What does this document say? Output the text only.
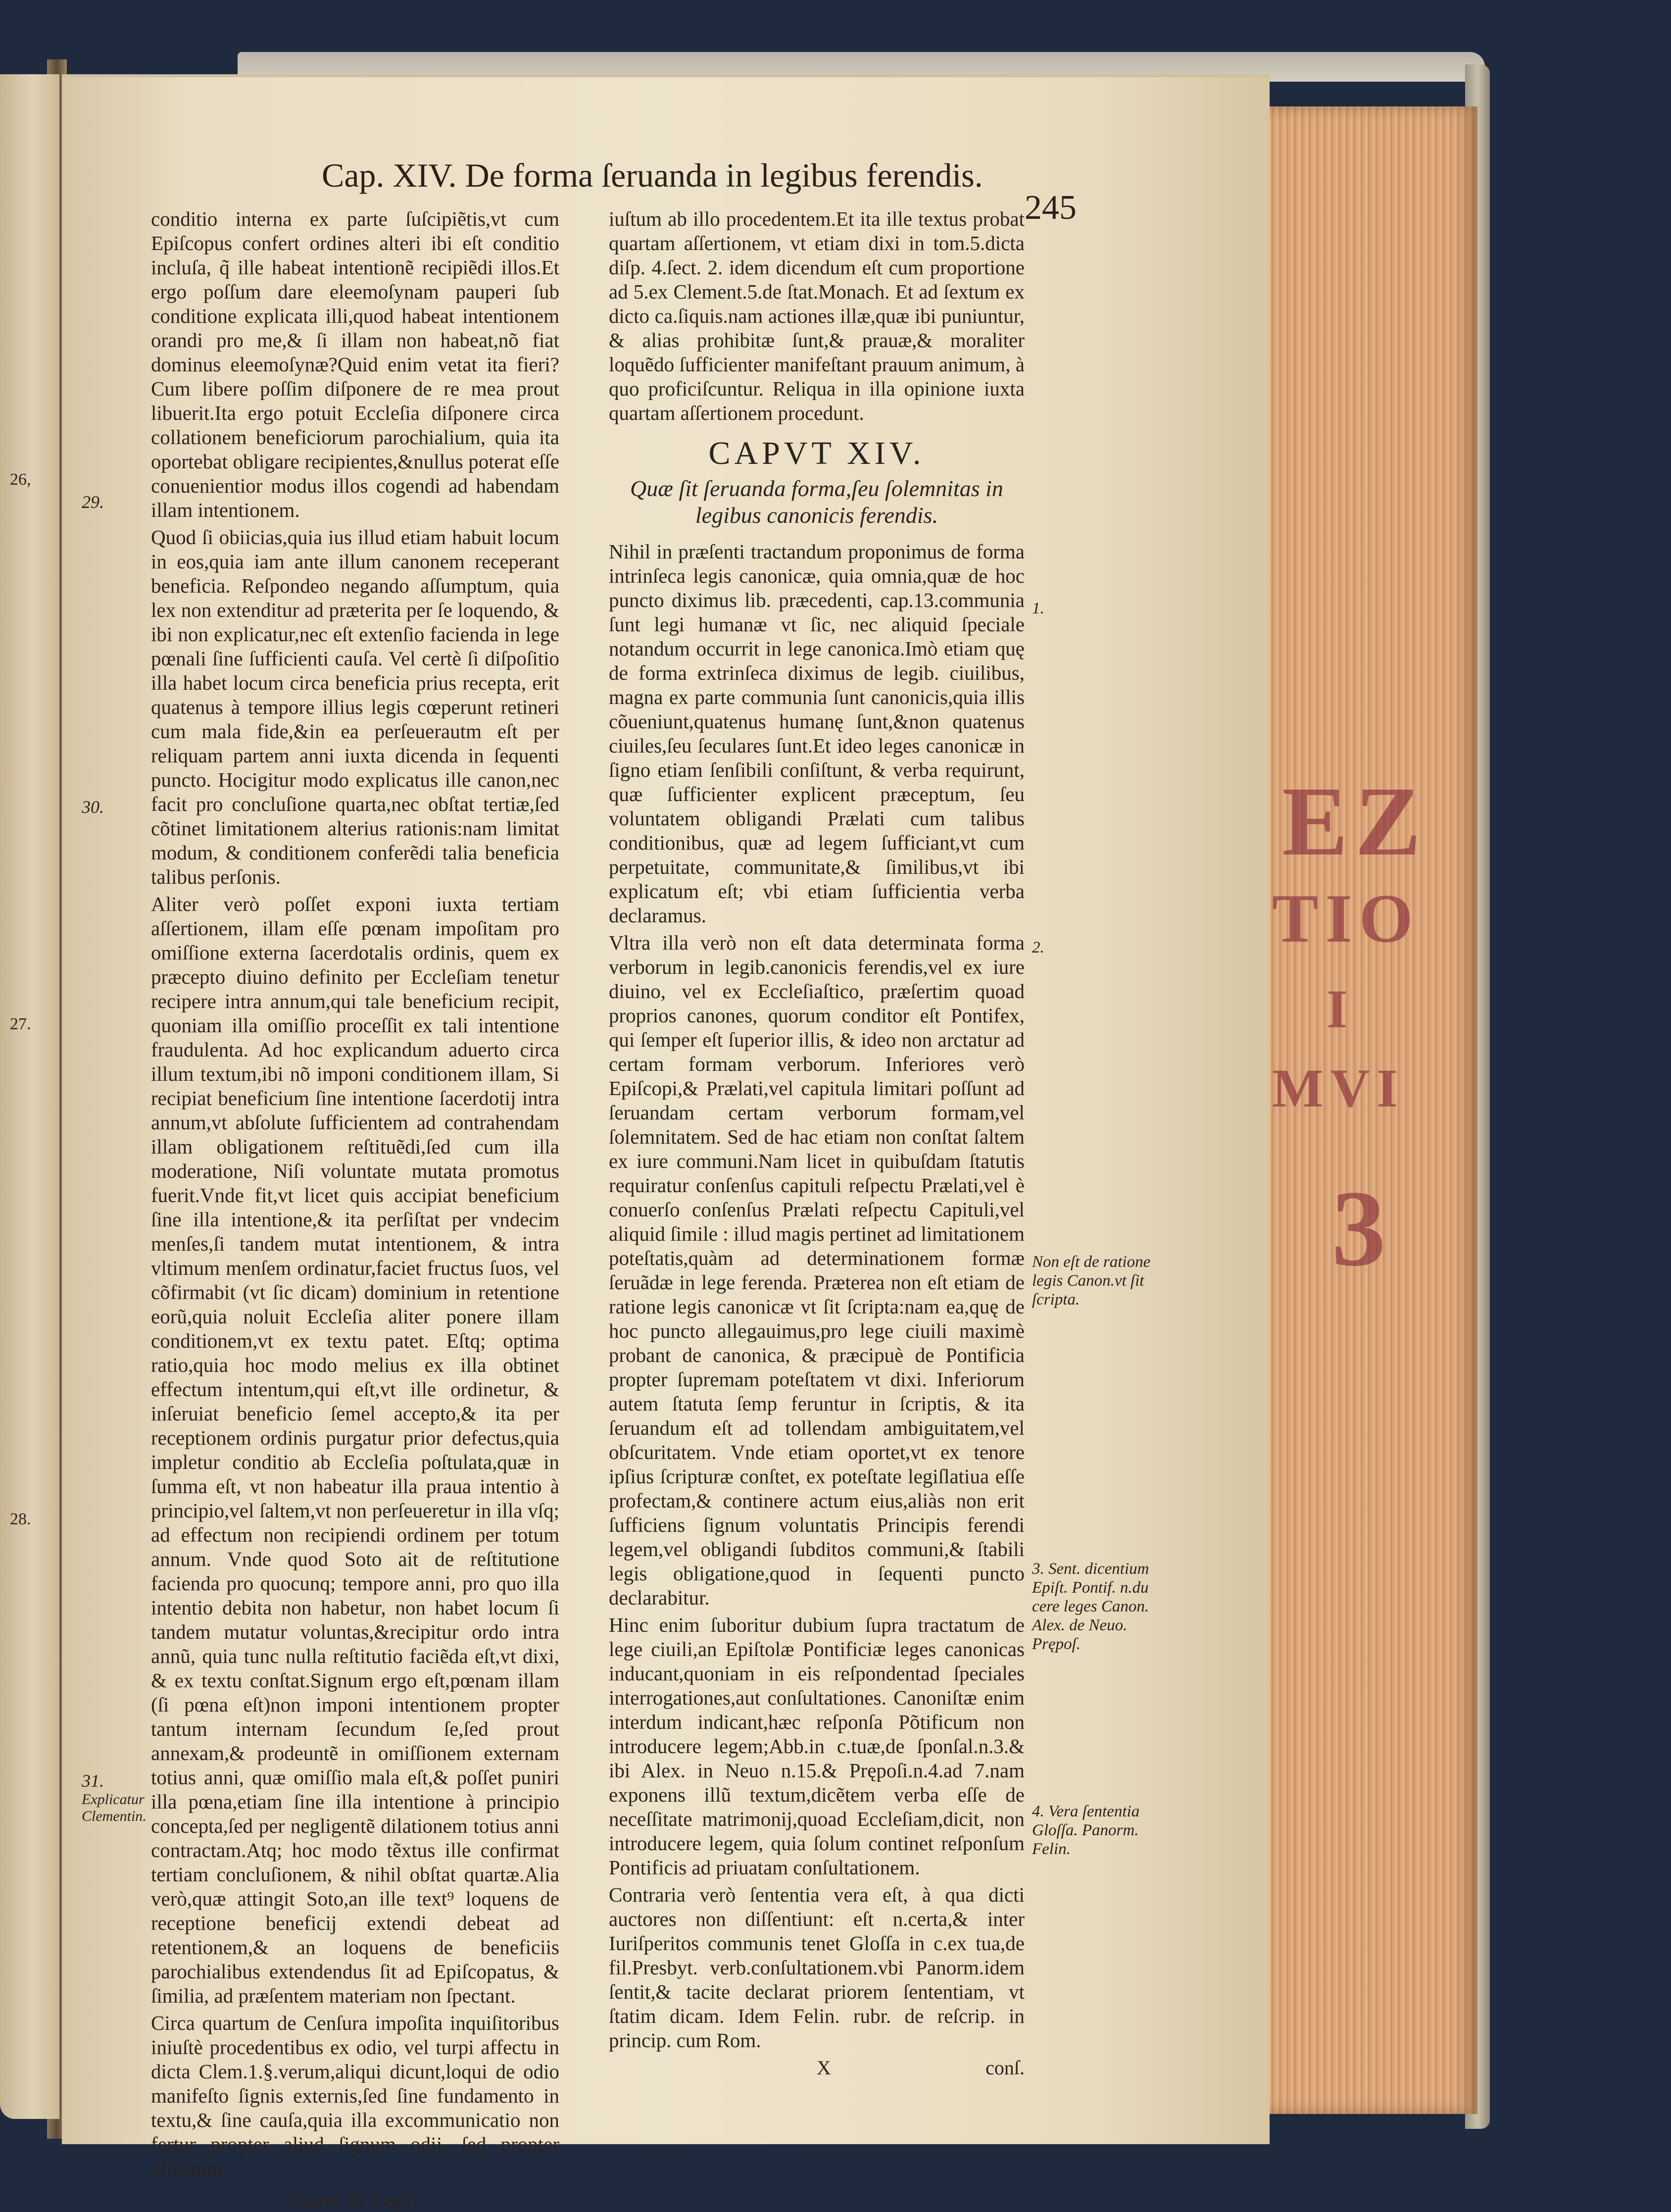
26,
27.
28.
EZ
TIO
I
MVI
3
Cap. XIV. De forma ſeruanda in legibus ferendis.
245

conditio interna ex parte ſuſcipiẽtis,vt cum Epiſcopus confert ordines alteri ibi eſt conditio incluſa, q̃ ille habeat intentionẽ recipiẽdi illos.Et ergo poſſum dare eleemoſynam pauperi ſub conditione explicata illi,quod habeat intentionem orandi pro me,& ſi illam non habeat,nõ fiat dominus eleemoſynæ?Quid enim vetat ita fieri?Cum libere poſſim diſponere de re mea prout libuerit.Ita ergo potuit Eccleſia diſponere circa collationem beneficiorum parochialium, quia ita oportebat obligare recipientes,&nullus poterat eſſe conuenientior modus illos cogendi ad habendam illam intentionem.

29.

Quod ſi obiicias,quia ius illud etiam habuit locum in eos,quia iam ante illum canonem receperant beneficia. Reſpondeo negando aſſumptum, quia lex non extenditur ad præterita per ſe loquendo, & ibi non explicatur,nec eſt extenſio facienda in lege pœnali ſine ſufficienti cauſa. Vel certè ſi diſpoſitio illa habet locum circa beneficia prius recepta, erit quatenus à tempore illius legis cœperunt retineri cum mala fide,&in ea perſeuerautm eſt per reliquam partem anni iuxta dicenda in ſequenti puncto. Hocigitur modo explicatus ille canon,nec facit pro concluſione quarta,nec obſtat tertiæ,ſed cõtinet limitationem alterius rationis:nam limitat modum, & conditionem conferẽdi talia beneficia talibus perſonis.

30.

Aliter verò poſſet exponi iuxta tertiam aſſertionem, illam eſſe pœnam impoſitam pro omiſſione externa ſacerdotalis ordinis, quem ex præcepto diuino definito per Eccleſiam tenetur recipere intra annum,qui tale beneficium recipit, quoniam illa omiſſio proceſſit ex tali intentione fraudulenta. Ad hoc explicandum aduerto circa illum textum,ibi nõ imponi conditionem illam, Si recipiat beneficium ſine intentione ſacerdotij intra annum,vt abſolute ſufficientem ad contrahendam illam obligationem reſtituẽdi,ſed cum illa moderatione, Niſi voluntate mutata promotus fuerit.Vnde fit,vt licet quis accipiat beneficium ſine illa intentione,& ita perſiſtat per vndecim menſes,ſi tandem mutat intentionem, & intra vltimum menſem ordinatur,faciet fructus ſuos, vel cõfirmabit (vt ſic dicam) dominium in retentione eorũ,quia noluit Eccleſia aliter ponere illam conditionem,vt ex textu patet. Eſtq; optima ratio,quia hoc modo melius ex illa obtinet effectum intentum,qui eſt,vt ille ordinetur, & inſeruiat beneficio ſemel accepto,& ita per receptionem ordinis purgatur prior defectus,quia impletur conditio ab Eccleſia poſtulata,quæ in ſumma eſt, vt non habeatur illa praua intentio à principio,vel ſaltem,vt non perſeueretur in illa vſq; ad effectum non recipiendi ordinem per totum annum. Vnde quod Soto ait de reſtitutione facienda pro quocunq; tempore anni, pro quo illa intentio debita non habetur, non habet locum ſi tandem mutatur voluntas,&recipitur ordo intra annũ, quia tunc nulla reſtitutio faciẽda eſt,vt dixi, & ex textu conſtat.Signum ergo eſt,pœnam illam (ſi pœna eſt)non imponi intentionem propter tantum internam ſecundum ſe,ſed prout annexam,& prodeuntẽ in omiſſionem externam totius anni, quæ omiſſio mala eſt,& poſſet puniri illa pœna,etiam ſine illa intentione à principio concepta,ſed per negligentẽ dilationem totius anni contractam.Atq; hoc modo tẽxtus ille confirmat tertiam concluſionem, & nihil obſtat quartæ.Alia verò,quæ attingit Soto,an ille text⁹ loquens de receptione beneficij extendi debeat ad retentionem,& an loquens de beneficiis parochialibus extendendus ſit ad Epiſcopatus, & ſimilia, ad præſentem materiam non ſpectant.

31.
Explicatur Clementin.

Circa quartum de Cenſura impoſita inquiſitoribus iniuſtè procedentibus ex odio, vel turpi affectu in dicta Clem.1.§.verum,aliqui dicunt,loqui de odio manifeſto ſignis externis,ſed ſine fundamento in textu,& ſine cauſa,quia illa excommunicatio non fertur propter aliud ſignum odij, ſed propter effectum

Suarez de Legib.

iuſtum ab illo procedentem.Et ita ille textus probat quartam aſſertionem, vt etiam dixi in tom.5.dicta diſp. 4.ſect. 2. idem dicendum eſt cum proportione ad 5.ex Clement.5.de ſtat.Monach. Et ad ſextum ex dicto ca.ſiquis.nam actiones illæ,quæ ibi puniuntur, & alias prohibitæ ſunt,& prauæ,& moraliter loquẽdo ſufficienter manifeſtant prauum animum, à quo proficiſcuntur. Reliqua in illa opinione iuxta quartam aſſertionem procedunt.

CAPVT XIV.
Quæ ſit ſeruanda forma,ſeu ſolemnitas in legibus canonicis ferendis.

Nihil in præſenti tractandum proponimus de forma intrinſeca legis canonicæ, quia omnia,quæ de hoc puncto diximus lib. præcedenti, cap.13.communia ſunt legi humanæ vt ſic, nec aliquid ſpeciale notandum occurrit in lege canonica.Imò etiam quę de forma extrinſeca diximus de legib. ciuilibus, magna ex parte communia ſunt canonicis,quia illis cõueniunt,quatenus humanę ſunt,&non quatenus ciuiles,ſeu ſeculares ſunt.Et ideo leges canonicæ in ſigno etiam ſenſibili conſiſtunt, & verba requirunt, quæ ſufficienter explicent præceptum, ſeu voluntatem obligandi Prælati cum talibus conditionibus, quæ ad legem ſufficiant,vt cum perpetuitate, communitate,& ſimilibus,vt ibi explicatum eſt; vbi etiam ſufficientia verba declaramus.

Vltra illa verò non eſt data determinata forma verborum in legib.canonicis ferendis,vel ex iure diuino, vel ex Eccleſiaſtico, præſertim quoad proprios canones, quorum conditor eſt Pontifex, qui ſemper eſt ſuperior illis, & ideo non arctatur ad certam formam verborum. Inferiores verò Epiſcopi,& Prælati,vel capitula limitari poſſunt ad ſeruandam certam verborum formam,vel ſolemnitatem. Sed de hac etiam non conſtat ſaltem ex iure communi.Nam licet in quibuſdam ſtatutis requiratur conſenſus capituli reſpectu Prælati,vel è conuerſo conſenſus Prælati reſpectu Capituli,vel aliquid ſimile : illud magis pertinet ad limitationem poteſtatis,quàm ad determinationem formæ ſeruãdæ in lege ferenda. Præterea non eſt etiam de ratione legis canonicæ vt ſit ſcripta:nam ea,quę de hoc puncto allegauimus,pro lege ciuili maximè probant de canonica, & præcipuè de Pontificia propter ſupremam poteſtatem vt dixi. Inferiorum autem ſtatuta ſemp feruntur in ſcriptis, & ita ſeruandum eſt ad tollendam ambiguitatem,vel obſcuritatem. Vnde etiam oportet,vt ex tenore ipſius ſcripturæ conſtet, ex poteſtate legiſlatiua eſſe profectam,& continere actum eius,aliàs non erit ſufficiens ſignum voluntatis Principis ferendi legem,vel obligandi ſubditos communi,& ſtabili legis obligatione,quod in ſequenti puncto declarabitur.

Hinc enim ſuboritur dubium ſupra tractatum de lege ciuili,an Epiſtolæ Pontificiæ leges canonicas inducant,quoniam in eis reſpondentad ſpeciales interrogationes,aut conſultationes. Canoniſtæ enim interdum indicant,hæc reſponſa Põtificum non introducere legem;Abb.in c.tuæ,de ſponſal.n.3.& ibi Alex. in Neuo n.15.& Prępoſi.n.4.ad 7.nam exponens illũ textum,dicẽtem verba eſſe de neceſſitate matrimonij,quoad Eccleſiam,dicit, non introducere legem, quia ſolum continet reſponſum Pontificis ad priuatam conſultationem.

Contraria verò ſententia vera eſt, à qua dicti auctores non diſſentiunt: eſt n.certa,& inter Iuriſperitos communis tenet Gloſſa in c.ex tua,de fil.Presbyt. verb.conſultationem.vbi Panorm.idem ſentit,& tacite declarat priorem ſententiam, vt ſtatim dicam. Idem Felin. rubr. de reſcrip. in princip. cum Rom.

X	conſ.
1.
2.
Non eſt de ratione legis Canon.vt ſit ſcripta.
3. Sent. dicentium Epiſt. Pontif. n.du cere leges Canon. Alex. de Neuo. Prępoſ.
4. Vera ſententia Gloſſa. Panorm. Felin.
